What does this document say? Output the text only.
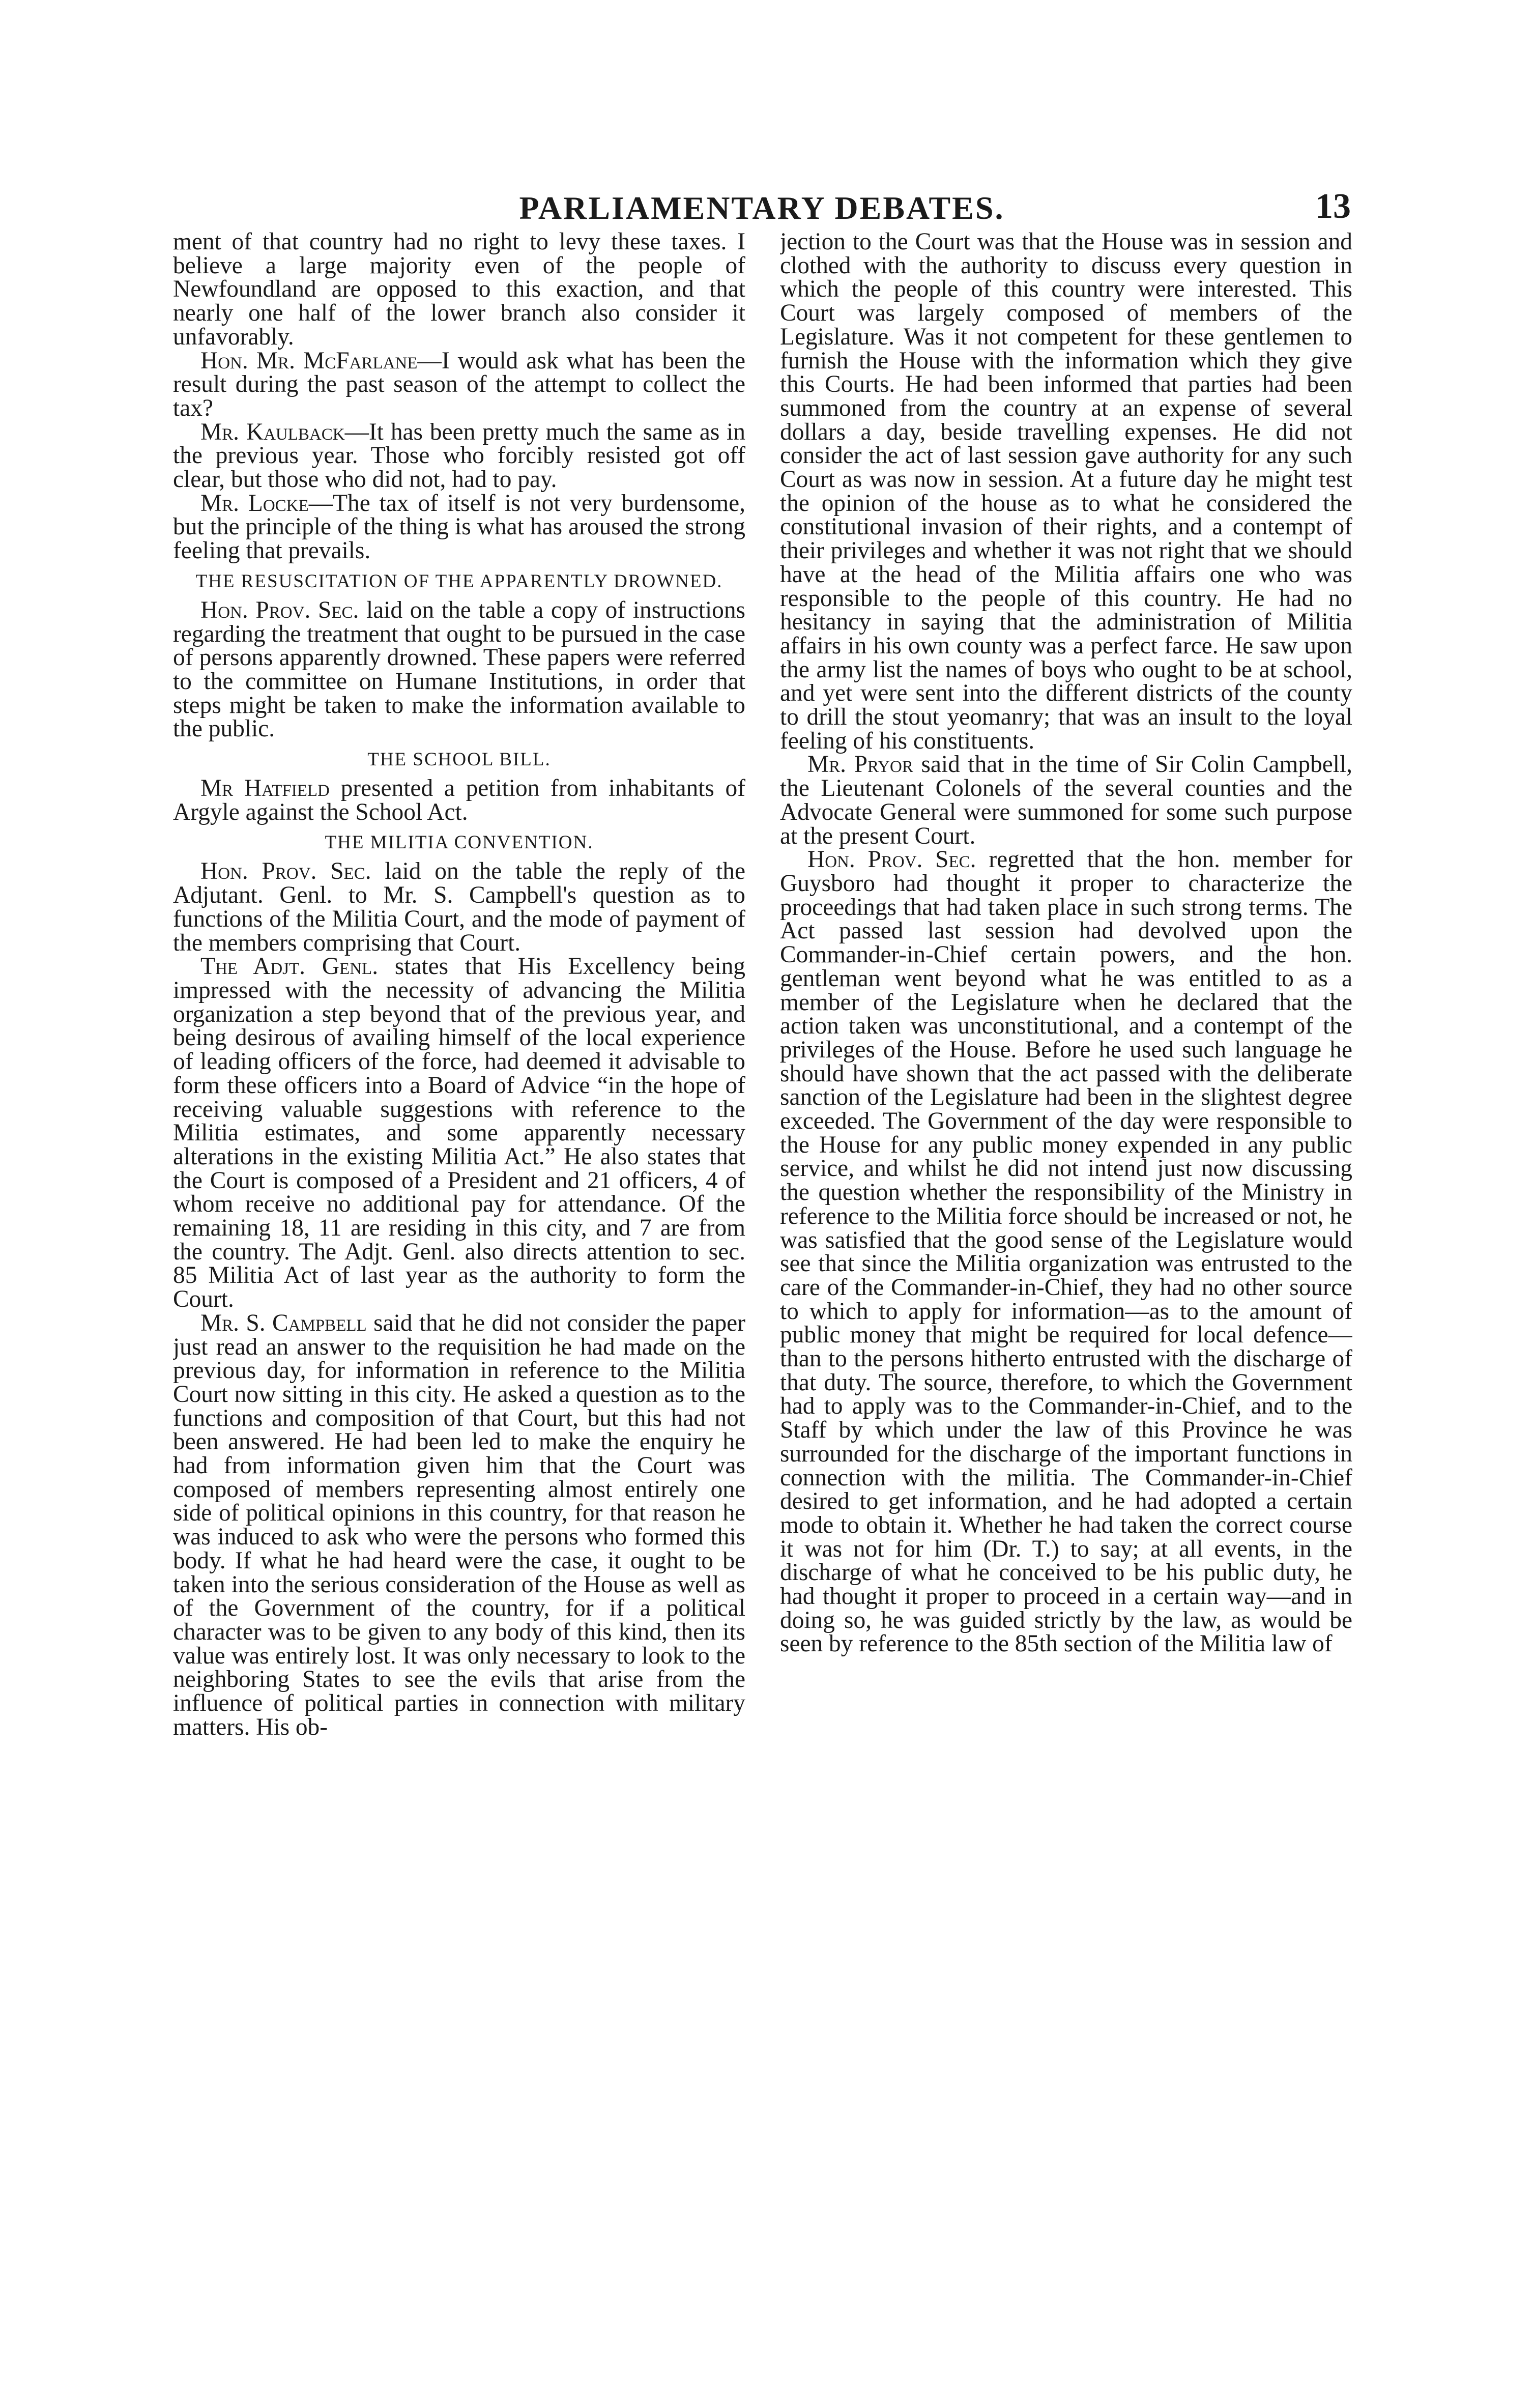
PARLIAMENTARY DEBATES.	13

ment of that country had no right to levy these taxes. I believe a large majority even of the people of Newfoundland are opposed to this exaction, and that nearly one half of the lower branch also consider it unfavorably.

Hon. Mr. McFarlane—I would ask what has been the result during the past season of the attempt to collect the tax?

Mr. Kaulback—It has been pretty much the same as in the previous year. Those who forcibly resisted got off clear, but those who did not, had to pay.

Mr. Locke—The tax of itself is not very burdensome, but the principle of the thing is what has aroused the strong feeling that prevails.

THE RESUSCITATION OF THE APPARENTLY DROWNED.

Hon. Prov. Sec. laid on the table a copy of instructions regarding the treatment that ought to be pursued in the case of persons apparently drowned. These papers were referred to the committee on Humane Institutions, in order that steps might be taken to make the information available to the public.

THE SCHOOL BILL.

Mr Hatfield presented a petition from inhabitants of Argyle against the School Act.

THE MILITIA CONVENTION.

Hon. Prov. Sec. laid on the table the reply of the Adjutant. Genl. to Mr. S. Campbell's question as to functions of the Militia Court, and the mode of payment of the members comprising that Court.

The Adjt. Genl. states that His Excellency being impressed with the necessity of advancing the Militia organization a step beyond that of the previous year, and being desirous of availing himself of the local experience of leading officers of the force, had deemed it advisable to form these officers into a Board of Advice “in the hope of receiving valuable suggestions with reference to the Militia estimates, and some apparently necessary alterations in the existing Militia Act.” He also states that the Court is composed of a President and 21 officers, 4 of whom receive no additional pay for attendance. Of the remaining 18, 11 are residing in this city, and 7 are from the country. The Adjt. Genl. also directs attention to sec. 85 Militia Act of last year as the authority to form the Court.

Mr. S. Campbell said that he did not consider the paper just read an answer to the requisition he had made on the previous day, for information in reference to the Militia Court now sitting in this city. He asked a question as to the functions and composition of that Court, but this had not been answered. He had been led to make the enquiry he had from information given him that the Court was composed of members representing almost entirely one side of political opinions in this country, for that reason he was induced to ask who were the persons who formed this body. If what he had heard were the case, it ought to be taken into the serious consideration of the House as well as of the Government of the country, for if a political character was to be given to any body of this kind, then its value was entirely lost. It was only necessary to look to the neighboring States to see the evils that arise from the influence of political parties in connection with military matters. His ob-

jection to the Court was that the House was in session and clothed with the authority to discuss every question in which the people of this country were interested. This Court was largely composed of members of the Legislature. Was it not competent for these gentlemen to furnish the House with the information which they give this Courts. He had been informed that parties had been summoned from the country at an expense of several dollars a day, beside travelling expenses. He did not consider the act of last session gave authority for any such Court as was now in session. At a future day he might test the opinion of the house as to what he considered the constitutional invasion of their rights, and a contempt of their privileges and whether it was not right that we should have at the head of the Militia affairs one who was responsible to the people of this country. He had no hesitancy in saying that the administration of Militia affairs in his own county was a perfect farce. He saw upon the army list the names of boys who ought to be at school, and yet were sent into the different districts of the county to drill the stout yeomanry; that was an insult to the loyal feeling of his constituents.

Mr. Pryor said that in the time of Sir Colin Campbell, the Lieutenant Colonels of the several counties and the Advocate General were summoned for some such purpose at the present Court.

Hon. Prov. Sec. regretted that the hon. member for Guysboro had thought it proper to characterize the proceedings that had taken place in such strong terms. The Act passed last session had devolved upon the Commander-in-Chief certain powers, and the hon. gentleman went beyond what he was entitled to as a member of the Legislature when he declared that the action taken was unconstitutional, and a contempt of the privileges of the House. Before he used such language he should have shown that the act passed with the deliberate sanction of the Legislature had been in the slightest degree exceeded. The Government of the day were responsible to the House for any public money expended in any public service, and whilst he did not intend just now discussing the question whether the responsibility of the Ministry in reference to the Militia force should be increased or not, he was satisfied that the good sense of the Legislature would see that since the Militia organization was entrusted to the care of the Commander-in-Chief, they had no other source to which to apply for information—as to the amount of public money that might be required for local defence—than to the persons hitherto entrusted with the discharge of that duty. The source, therefore, to which the Government had to apply was to the Commander-in-Chief, and to the Staff by which under the law of this Province he was surrounded for the discharge of the important functions in connection with the militia. The Commander-in-Chief desired to get information, and he had adopted a certain mode to obtain it. Whether he had taken the correct course it was not for him (Dr. T.) to say; at all events, in the discharge of what he conceived to be his public duty, he had thought it proper to proceed in a certain way—and in doing so, he was guided strictly by the law, as would be seen by reference to the 85th section of the Militia law of
